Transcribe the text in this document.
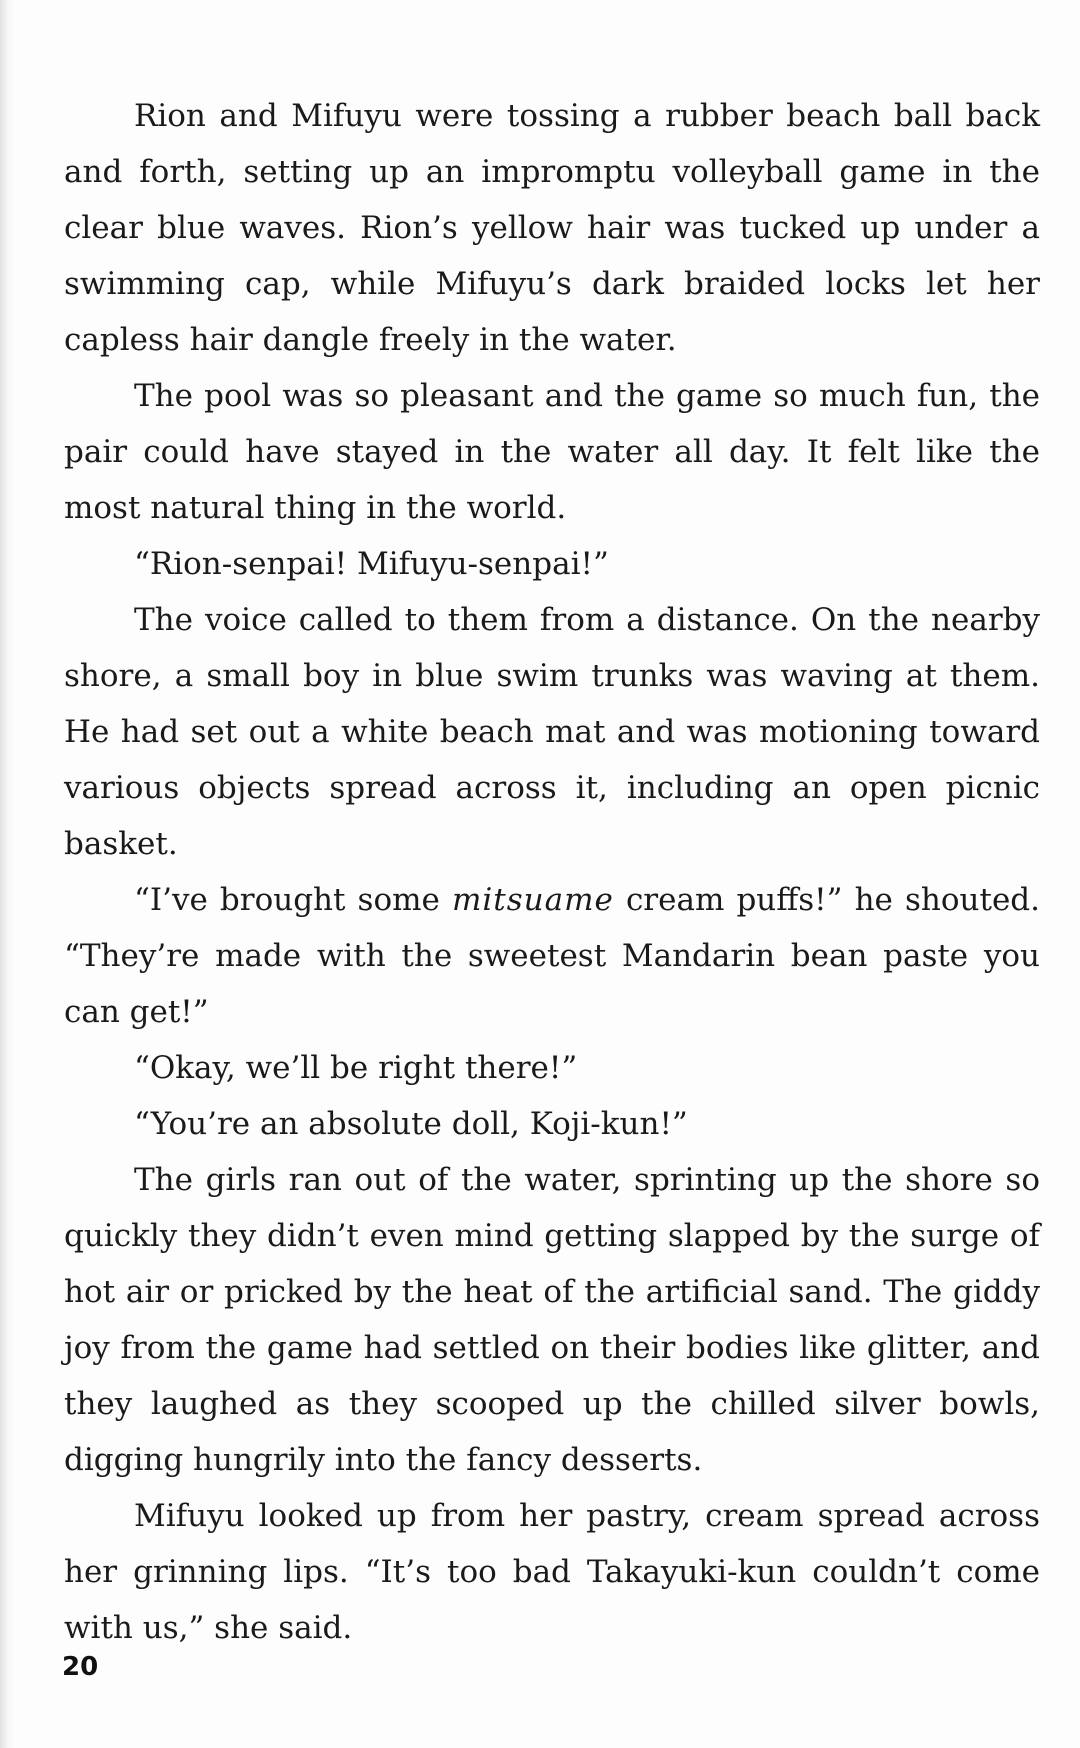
Rion and Mifuyu were tossing a rubber beach ball back and forth, setting up an impromptu volleyball game in the clear blue waves. Rion’s yellow hair was tucked up under a swimming cap, while Mifuyu’s dark braided locks let her capless hair dangle freely in the water.

The pool was so pleasant and the game so much fun, the pair could have stayed in the water all day. It felt like the most natural thing in the world.

“Rion-senpai! Mifuyu-senpai!”

The voice called to them from a distance. On the nearby shore, a small boy in blue swim trunks was waving at them. He had set out a white beach mat and was motioning toward various objects spread across it, including an open picnic basket.

“I’ve brought some mitsuame cream puffs!” he shouted. “They’re made with the sweetest Mandarin bean paste you can get!”

“Okay, we’ll be right there!”

“You’re an absolute doll, Koji-kun!”

The girls ran out of the water, sprinting up the shore so quickly they didn’t even mind getting slapped by the surge of hot air or pricked by the heat of the artificial sand. The giddy joy from the game had settled on their bodies like glitter, and they laughed as they scooped up the chilled silver bowls, digging hungrily into the fancy desserts.

Mifuyu looked up from her pastry, cream spread across her grinning lips. “It’s too bad Takayuki-kun couldn’t come with us,” she said.

20
